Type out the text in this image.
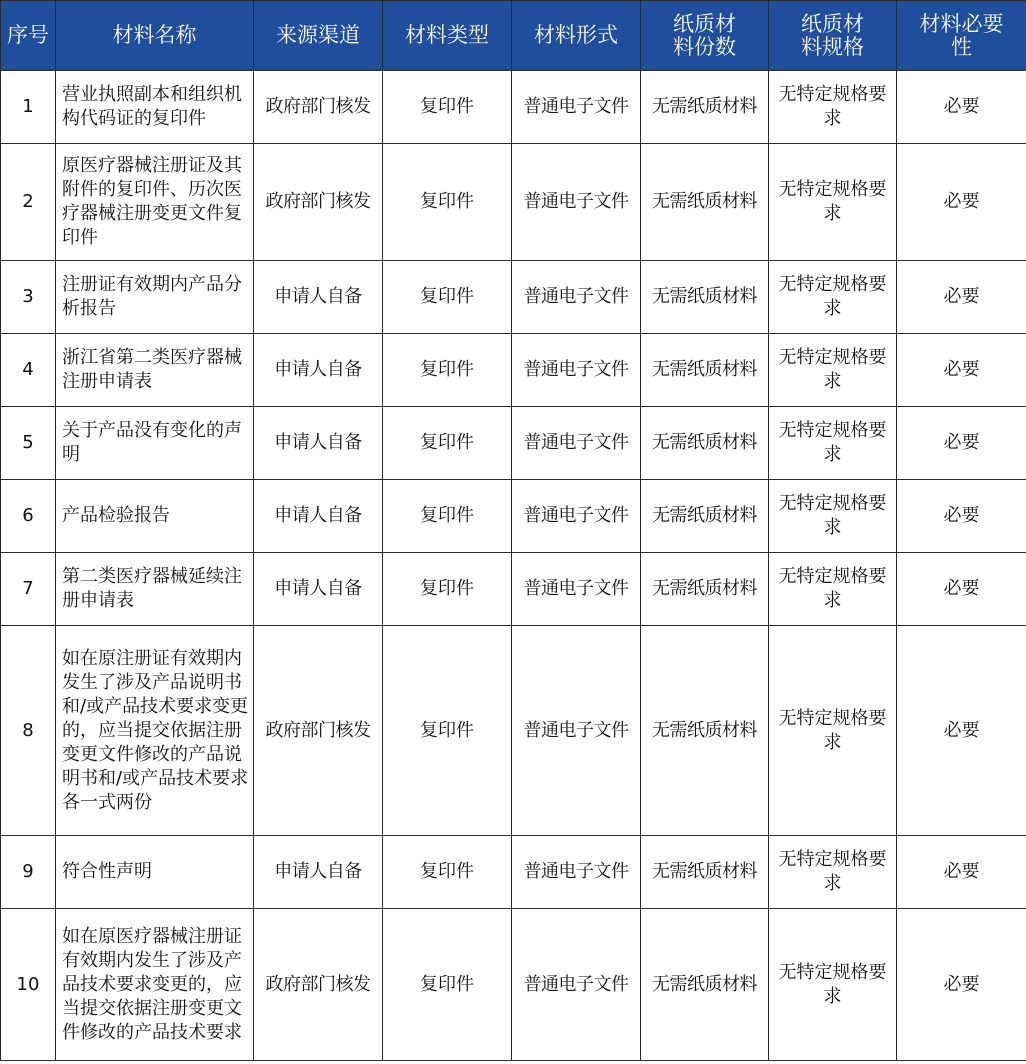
序号	材料名称	来源渠道	材料类型	材料形式	纸质材料份数	纸质材料规格	材料必要性
1	营业执照副本和组织机构代码证的复印件	政府部门核发	复印件	普通电子文件	无需纸质材料	无特定规格要求	必要
2	原医疗器械注册证及其附件的复印件、历次医疗器械注册变更文件复印件	政府部门核发	复印件	普通电子文件	无需纸质材料	无特定规格要求	必要
3	注册证有效期内产品分析报告	申请人自备	复印件	普通电子文件	无需纸质材料	无特定规格要求	必要
4	浙江省第二类医疗器械注册申请表	申请人自备	复印件	普通电子文件	无需纸质材料	无特定规格要求	必要
5	关于产品没有变化的声明	申请人自备	复印件	普通电子文件	无需纸质材料	无特定规格要求	必要
6	产品检验报告	申请人自备	复印件	普通电子文件	无需纸质材料	无特定规格要求	必要
7	第二类医疗器械延续注册申请表	申请人自备	复印件	普通电子文件	无需纸质材料	无特定规格要求	必要
8	如在原注册证有效期内发生了涉及产品说明书和/或产品技术要求变更的，应当提交依据注册变更文件修改的产品说明书和/或产品技术要求各一式两份	政府部门核发	复印件	普通电子文件	无需纸质材料	无特定规格要求	必要
9	符合性声明	申请人自备	复印件	普通电子文件	无需纸质材料	无特定规格要求	必要
10	如在原医疗器械注册证有效期内发生了涉及产品技术要求变更的，应当提交依据注册变更文件修改的产品技术要求	政府部门核发	复印件	普通电子文件	无需纸质材料	无特定规格要求	必要
